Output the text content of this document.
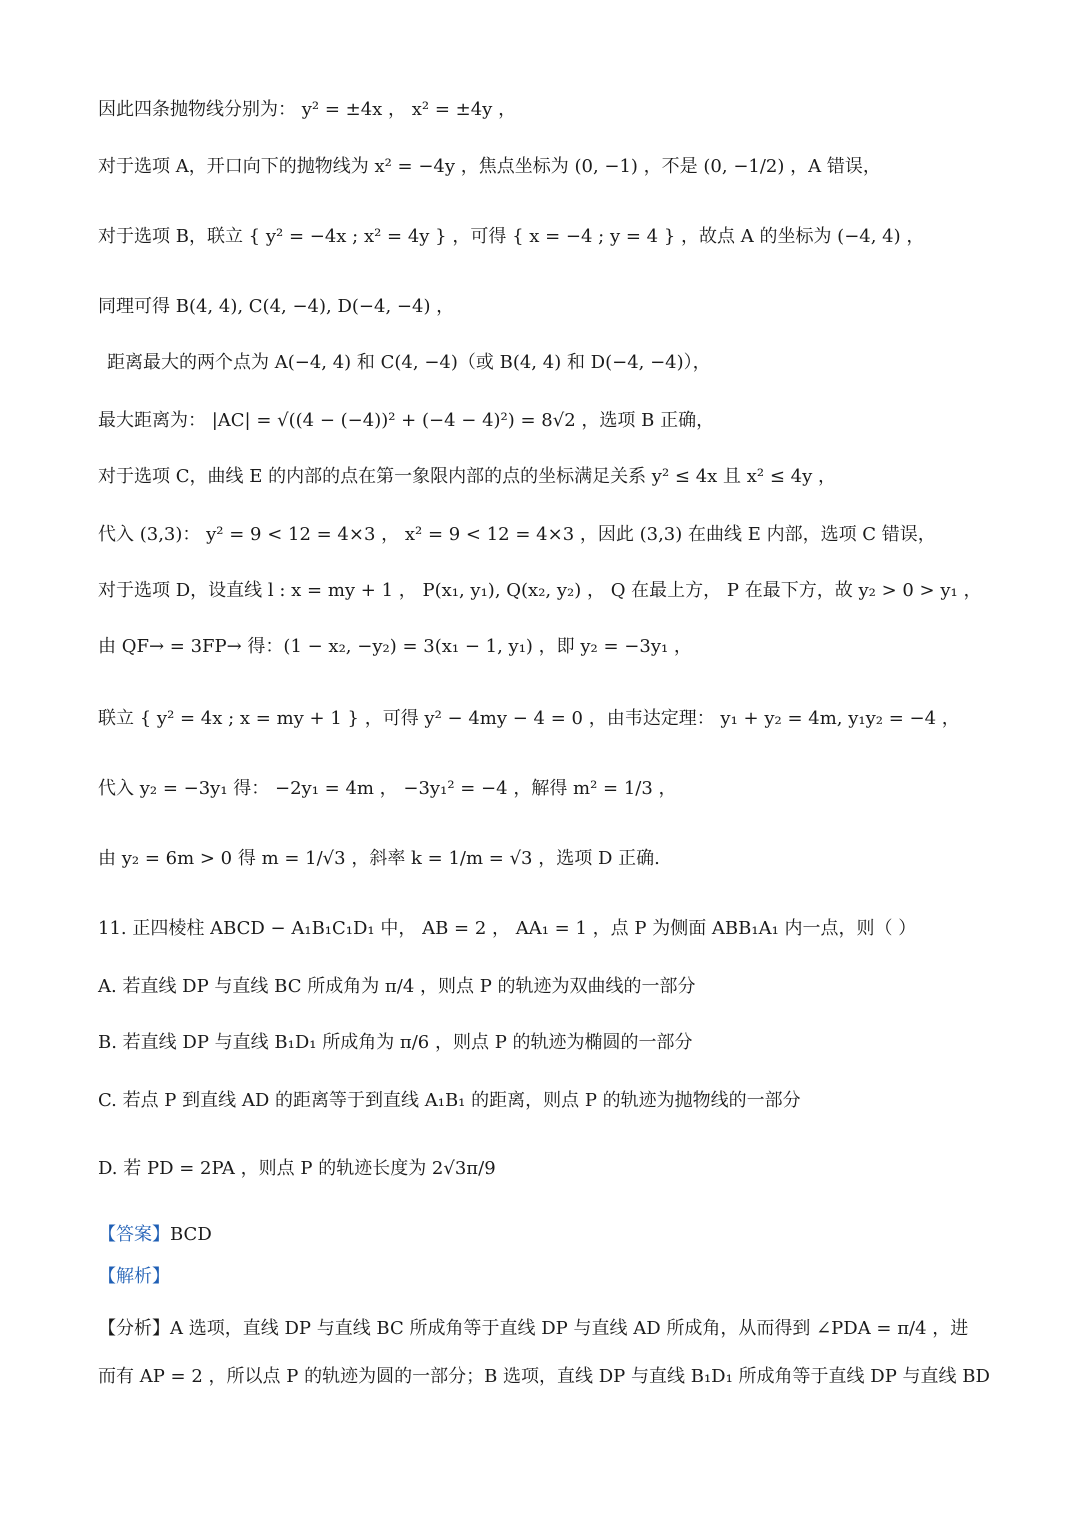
因此四条抛物线分别为： y² = ±4x ， x² = ±4y ，
对于选项 A，开口向下的抛物线为 x² = −4y ，焦点坐标为 (0, −1) ，不是 (0, −1/2) ，A 错误，
对于选项 B，联立 { y² = −4x ; x² = 4y } ，可得 { x = −4 ; y = 4 } ，故点 A 的坐标为 (−4, 4) ，
同理可得 B(4, 4), C(4, −4), D(−4, −4) ，
距离最大的两个点为 A(−4, 4) 和 C(4, −4)（或 B(4, 4) 和 D(−4, −4)），
最大距离为： |AC| = √((4 − (−4))² + (−4 − 4)²) = 8√2 ，选项 B 正确，
对于选项 C，曲线 E 的内部的点在第一象限内部的点的坐标满足关系 y² ≤ 4x 且 x² ≤ 4y ，
代入 (3,3)： y² = 9 < 12 = 4×3 ， x² = 9 < 12 = 4×3 ，因此 (3,3) 在曲线 E 内部，选项 C 错误，
对于选项 D，设直线 l : x = my + 1 ， P(x₁, y₁), Q(x₂, y₂) ， Q 在最上方， P 在最下方，故 y₂ > 0 > y₁ ，
由 QF→ = 3FP→ 得：(1 − x₂, −y₂) = 3(x₁ − 1, y₁) ，即 y₂ = −3y₁ ，
联立 { y² = 4x ; x = my + 1 } ，可得 y² − 4my − 4 = 0 ，由韦达定理： y₁ + y₂ = 4m, y₁y₂ = −4 ，
代入 y₂ = −3y₁ 得： −2y₁ = 4m ， −3y₁² = −4 ，解得 m² = 1/3 ，
由 y₂ = 6m > 0 得 m = 1/√3 ，斜率 k = 1/m = √3 ，选项 D 正确.
11. 正四棱柱 ABCD − A₁B₁C₁D₁ 中， AB = 2 ， AA₁ = 1 ，点 P 为侧面 ABB₁A₁ 内一点，则（ ）
A. 若直线 DP 与直线 BC 所成角为 π/4 ，则点 P 的轨迹为双曲线的一部分
B. 若直线 DP 与直线 B₁D₁ 所成角为 π/6 ，则点 P 的轨迹为椭圆的一部分
C. 若点 P 到直线 AD 的距离等于到直线 A₁B₁ 的距离，则点 P 的轨迹为抛物线的一部分
D. 若 PD = 2PA ，则点 P 的轨迹长度为 2√3π/9
【答案】BCD
【解析】
【分析】A 选项，直线 DP 与直线 BC 所成角等于直线 DP 与直线 AD 所成角，从而得到 ∠PDA = π/4 ，进
而有 AP = 2 ，所以点 P 的轨迹为圆的一部分；B 选项，直线 DP 与直线 B₁D₁ 所成角等于直线 DP 与直线 BD
